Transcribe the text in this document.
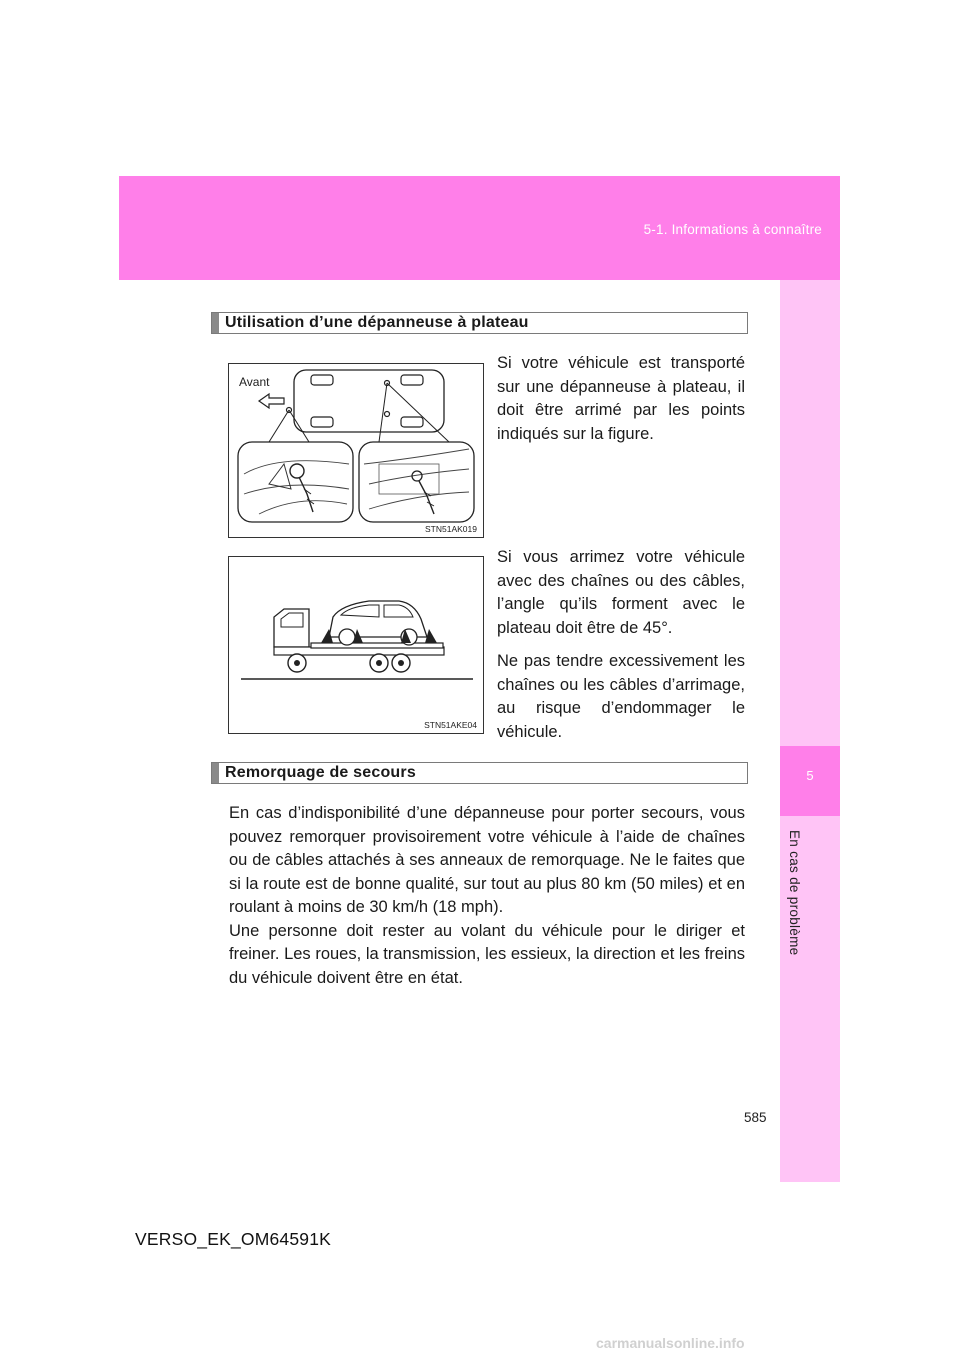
5-1. Informations à connaître
5
En cas de problème
Utilisation d’une dépanneuse à plateau
Avant
STN51AK019

Si votre véhicule est transporté sur une dépanneuse à plateau, il doit être arrimé par les points indiqués sur la figure.

STN51AKE04

Si vous arrimez votre véhicule avec des chaînes ou des câbles, l’angle qu’ils forment avec le plateau doit être de 45°.

Ne pas tendre excessivement les chaînes ou les câbles d’arrimage, au risque d’endommager le véhicule.

Remorquage de secours
En cas d’indisponibilité d’une dépanneuse pour porter secours, vous pouvez remorquer provisoirement votre véhicule à l’aide de chaînes ou de câbles attachés à ses anneaux de remorquage. Ne le faites que si la route est de bonne qualité, sur tout au plus 80 km (50 miles) et en roulant à moins de 30 km/h (18 mph).
Une personne doit rester au volant du véhicule pour le diriger et freiner. Les roues, la transmission, les essieux, la direction et les freins du véhicule doivent être en état.
585
VERSO_EK_OM64591K
carmanualsonline.info
